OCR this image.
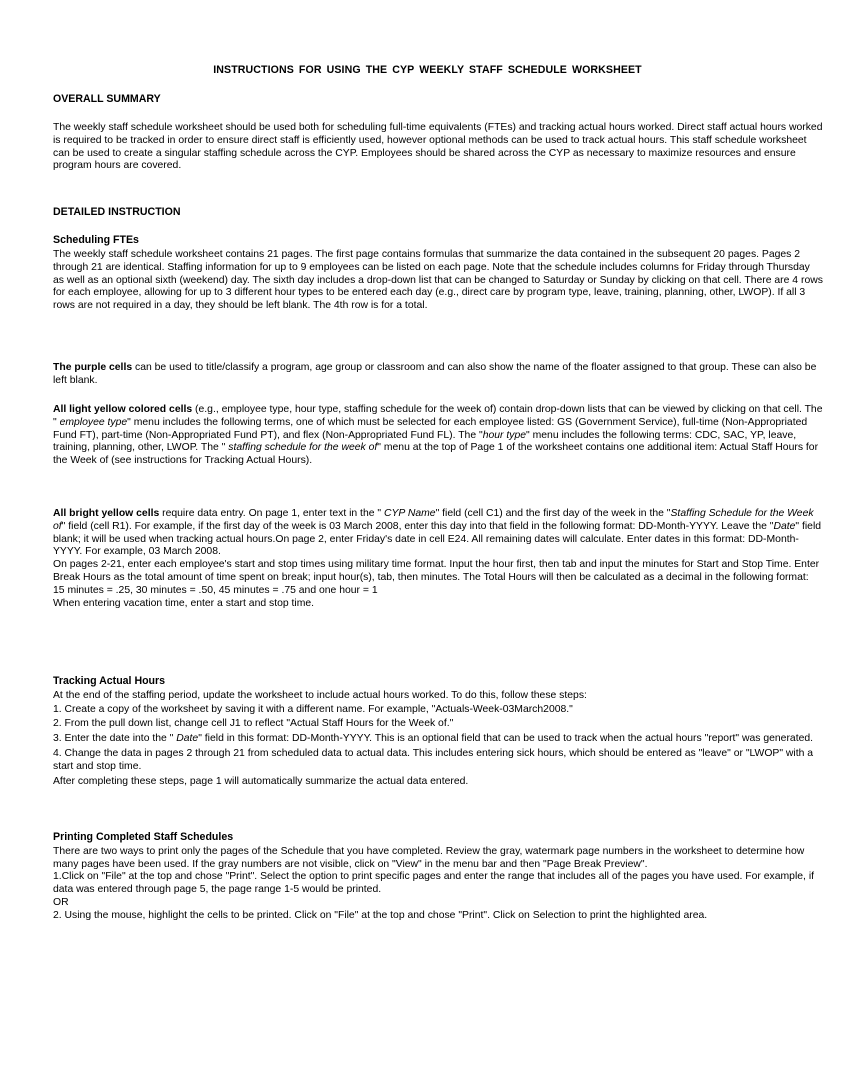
INSTRUCTIONS FOR USING THE CYP WEEKLY STAFF SCHEDULE WORKSHEET
OVERALL SUMMARY

The weekly staff schedule worksheet should be used both for scheduling full-time equivalents (FTEs) and tracking actual hours worked. Direct staff actual hours worked is required to be tracked in order to ensure direct staff is efficiently used, however optional methods can be used to track actual hours. This staff schedule worksheet can be used to create a singular staffing schedule across the CYP. Employees should be shared across the CYP as necessary to maximize resources and ensure program hours are covered.

DETAILED INSTRUCTION
Scheduling FTEs

The weekly staff schedule worksheet contains 21 pages. The first page contains formulas that summarize the data contained in the subsequent 20 pages. Pages 2 through 21 are identical. Staffing information for up to 9 employees can be listed on each page. Note that the schedule includes columns for Friday through Thursday as well as an optional sixth (weekend) day. The sixth day includes a drop-down list that can be changed to Saturday or Sunday by clicking on that cell. There are 4 rows for each employee, allowing for up to 3 different hour types to be entered each day (e.g., direct care by program type, leave, training, planning, other, LWOP). If all 3 rows are not required in a day, they should be left blank. The 4th row is for a total.

The purple cells can be used to title/classify a program, age group or classroom and can also show the name of the floater assigned to that group. These can also be left blank.

All light yellow colored cells (e.g., employee type, hour type, staffing schedule for the week of) contain drop-down lists that can be viewed by clicking on that cell. The " employee type" menu includes the following terms, one of which must be selected for each employee listed: GS (Government Service), full-time (Non-Appropriated Fund FT), part-time (Non-Appropriated Fund PT), and flex (Non-Appropriated Fund FL). The "hour type" menu includes the following terms: CDC, SAC, YP, leave, training, planning, other, LWOP. The " staffing schedule for the week of" menu at the top of Page 1 of the worksheet contains one additional item: Actual Staff Hours for the Week of (see instructions for Tracking Actual Hours).

All bright yellow cells require data entry. On page 1, enter text in the " CYP Name" field (cell C1) and the first day of the week in the "Staffing Schedule for the Week of" field (cell R1). For example, if the first day of the week is 03 March 2008, enter this day into that field in the following format: DD-Month-YYYY. Leave the "Date" field blank; it will be used when tracking actual hours.On page 2, enter Friday's date in cell E24. All remaining dates will calculate. Enter dates in this format: DD-Month-YYYY. For example, 03 March 2008.

On pages 2-21, enter each employee's start and stop times using military time format. Input the hour first, then tab and input the minutes for Start and Stop Time. Enter Break Hours as the total amount of time spent on break; input hour(s), tab, then minutes. The Total Hours will then be calculated as a decimal in the following format:

15 minutes = .25, 30 minutes = .50, 45 minutes = .75 and one hour = 1

When entering vacation time, enter a start and stop time.

Tracking Actual Hours

At the end of the staffing period, update the worksheet to include actual hours worked. To do this, follow these steps:

1. Create a copy of the worksheet by saving it with a different name. For example, "Actuals-Week-03March2008."

2. From the pull down list, change cell J1 to reflect "Actual Staff Hours for the Week of."

3. Enter the date into the " Date" field in this format: DD-Month-YYYY. This is an optional field that can be used to track when the actual hours "report" was generated.

4. Change the data in pages 2 through 21 from scheduled data to actual data. This includes entering sick hours, which should be entered as "leave" or "LWOP" with a start and stop time.

After completing these steps, page 1 will automatically summarize the actual data entered.

Printing Completed Staff Schedules

There are two ways to print only the pages of the Schedule that you have completed. Review the gray, watermark page numbers in the worksheet to determine how many pages have been used. If the gray numbers are not visible, click on "View" in the menu bar and then "Page Break Preview".

1.Click on "File" at the top and chose "Print". Select the option to print specific pages and enter the range that includes all of the pages you have used. For example, if data was entered through page 5, the page range 1-5 would be printed.

OR

2. Using the mouse, highlight the cells to be printed. Click on "File" at the top and chose "Print". Click on Selection to print the highlighted area.
